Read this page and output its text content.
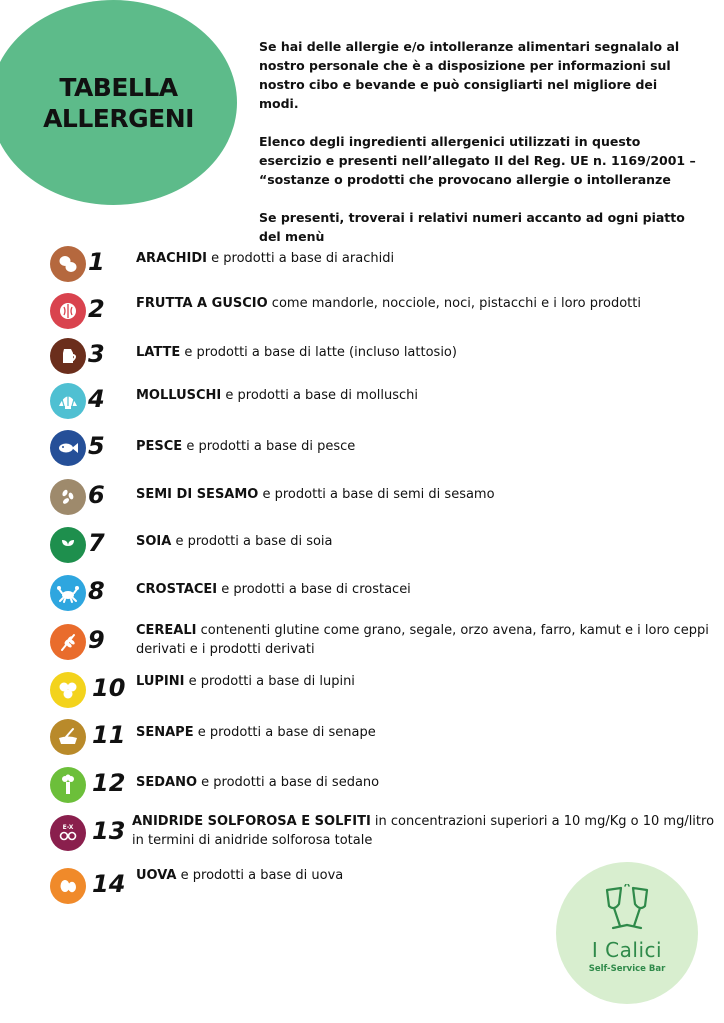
TABELLA
ALLERGENI

Se hai delle allergie e/o intolleranze alimentari segnalalo al nostro personale che è a disposizione per informazioni sul nostro cibo e bevande e può consigliarti nel migliore dei modi.

Elenco degli ingredienti allergenici utilizzati in questo esercizio e presenti nell’allegato II del Reg. UE n. 1169/2001 – “sostanze o prodotti che provocano allergie o intolleranze

Se presenti, troverai i relativi numeri accanto ad ogni piatto del menù

1 ARACHIDI e prodotti a base di arachidi
2 FRUTTA A GUSCIO come mandorle, nocciole, noci, pistacchi e i loro prodotti
3 LATTE e prodotti a base di latte (incluso lattosio)
4 MOLLUSCHI e prodotti a base di molluschi
5 PESCE e prodotti a base di pesce
6 SEMI DI SESAMO e prodotti a base di semi di sesamo
7 SOIA e prodotti a base di soia
8 CROSTACEI e prodotti a base di crostacei
9 CEREALI contenenti glutine come grano, segale, orzo avena, farro, kamut e i loro ceppi derivati e i prodotti derivati
10 LUPINI e prodotti a base di lupini
11 SENAPE e prodotti a base di senape
12 SEDANO e prodotti a base di sedano
E-X 13 ANIDRIDE SOLFOROSA E SOLFITI in concentrazioni superiori a 10 mg/Kg o 10 mg/litro in termini di anidride solforosa totale
14 UOVA e prodotti a base di uova
I Calici
Self-Service Bar
